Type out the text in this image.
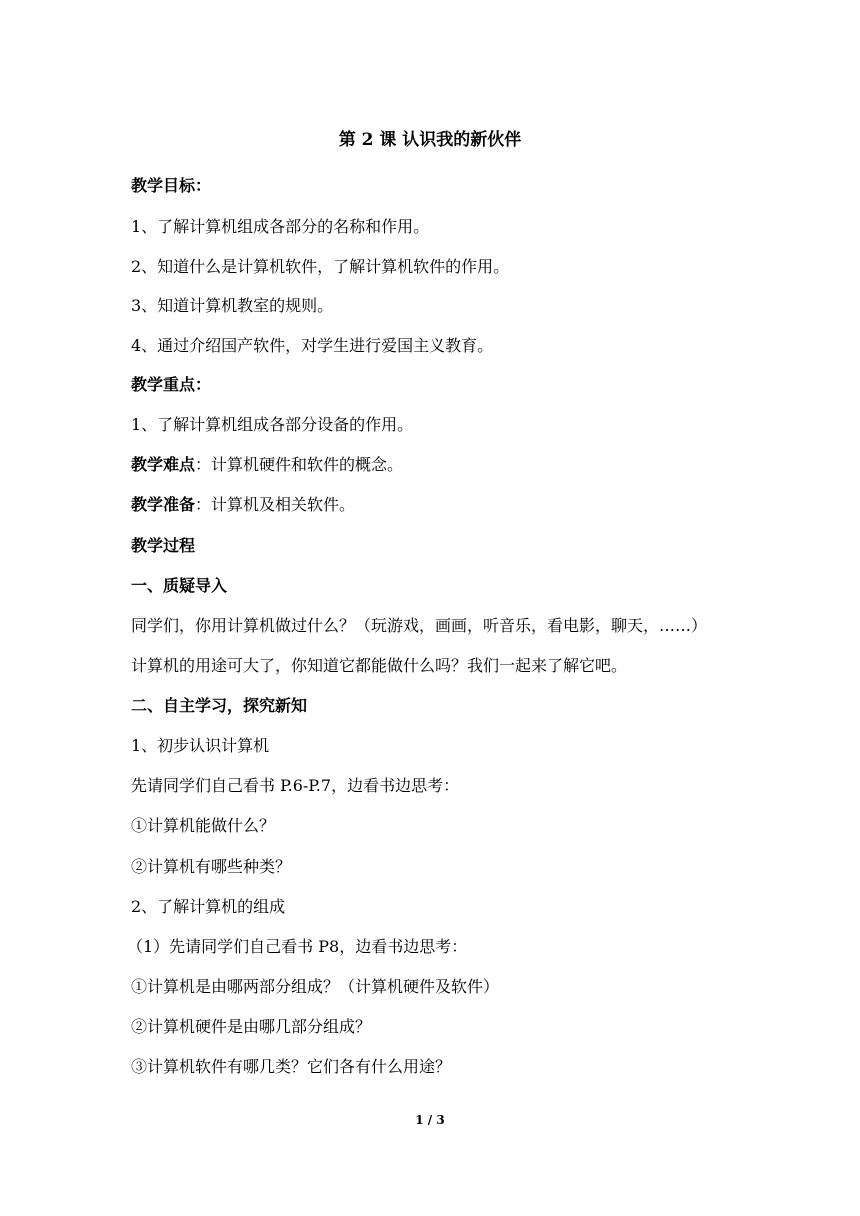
第 2 课 认识我的新伙伴
教学目标：
1、了解计算机组成各部分的名称和作用。
2、知道什么是计算机软件，了解计算机软件的作用。
3、知道计算机教室的规则。
4、通过介绍国产软件，对学生进行爱国主义教育。
教学重点：
1、了解计算机组成各部分设备的作用。
教学难点：计算机硬件和软件的概念。
教学准备：计算机及相关软件。
教学过程
一、质疑导入
同学们，你用计算机做过什么？（玩游戏，画画，听音乐，看电影，聊天，……）
计算机的用途可大了，你知道它都能做什么吗？我们一起来了解它吧。
二、自主学习，探究新知
1、初步认识计算机
先请同学们自己看书 P.6-P.7，边看书边思考：
①计算机能做什么？
②计算机有哪些种类？
2、了解计算机的组成
（1）先请同学们自己看书 P8，边看书边思考：
①计算机是由哪两部分组成？（计算机硬件及软件）
②计算机硬件是由哪几部分组成？
③计算机软件有哪几类？它们各有什么用途？
1 / 3
